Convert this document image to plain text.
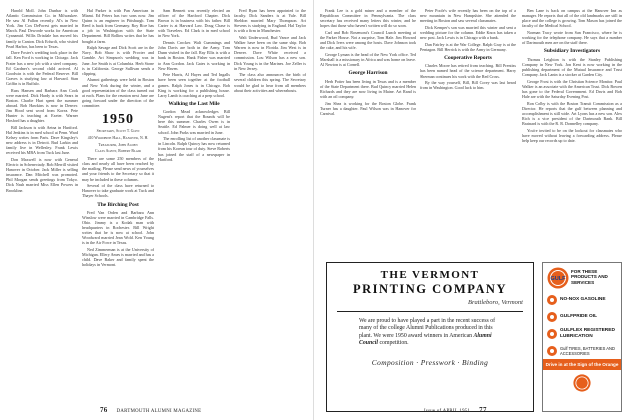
Harold Moll. John Dunbar is with Atlantic Commission Co. in Milwaukee. He saw Al Fallon recently. Al's in New York. Jim Cox DeForest gets married in March. Paul Deworde works for American Cyanamid. Willis Drisdale has moved his family to Canton. Dick Erfurdt, who visited Pearl Harbor, has been to Texas.

Dave Foster's wedding took place in the fall. Ken Ford is working in Chicago. Jack Frater has a new job with a steel company. Ed Gardner's second child arrived. Al Goodwin is with the Federal Reserve. Bill Graves is studying law at Harvard. Stan Griffin is in Buffalo.

Russ Hansen and Barbara Ann Cook were married. Dick Hardy is with Sears in Boston. Charlie Hart spent the summer abroad. Bob Hawkins is now in Denver. Jim Hood sent word from Korea. Pete Hunter is teaching at Exeter. Warner Hosford has a daughter.

Bill Jackson is with Aetna in Hartford. Hal Jenkins is in med school at Penn. Ward Kelsey writes from Paris. Dave Kingsley's new address is in Detroit. Bud Larkin and family live in Wellesley. Frank Lewis received his MBA from Tuck last June.

Don Maxwell is now with General Electric in Schenectady. Bob Merrill visited Hanover in October. Jack Miller is selling insurance. Dan Mitchell was promoted. Phil Morgan sends greetings from Tokyo. Dick Nash married Miss Ellen Powers in Brookline.

Hal Parker is with Pan American in Miami. Ed Peters has two sons now. Jim Quinn is an engineer in Pittsburgh. Tom Reed is back from Germany. Roy Rice has a job in Washington with the State Department. Bill Rollins writes that he has bought a farm.

Ralph Savage and Dick Scott are in the Navy. Bob Shaw is with Procter and Gamble. Art Simpson's wedding was in June. Joe Smith is at Columbia. Herb Stone is in California. George Sullivan sends a clipping.

Alumni gatherings were held in Boston and New York during the winter, and a good representation of the class turned out at each. Plans for the reunion next June are going forward under the direction of the committee.

1950
Secretary, Scott T. Glen
410 Woodbine Hall, Hanover, N. H.
Treasurer, John Alden
Class Agent, Robert Blair

There are some 250 members of the class and nearly all have been reached by the mailing. Please send news of yourselves and your friends to the Secretary so that it may be included in these columns.

Several of the class have returned to Hanover to take graduate work at Tuck and Thayer Schools.

The Birching Post

Fred Van Orden and Barbara Ann Winslow were married in Cambridge Falls. Ohio. Jimmy is a Kodak man with headquarters in Rochester. Bill Wright writes that he is now at school. John Woodward married Jean Wold. Ken Young is in the Air Force in Texas.

Ned Zimmerman is at the University of Michigan. Ellery Ames is married and has a child. Dave Baker and family spent the holidays in Vermont.

Sam Bennett was recently elected an officer of the Hartford Chapter. Dick Brown is in business with his father. Bill Carter is at Harvard Law. Doug Chase is with Travelers. Ed Clark is in med school in New York.

Dennis Crocker. Walt Cummings and John Davis are both in the Army. Tom Dunn visited in the fall. Ray Ellis is with a bank in Boston. Hank Fisher was married to Ann Gordon. Jack Gates is working in New Haven.

Pete Harris, Al Hayes and Ted Ingalls have been seen together at the football games. Ralph Jones is in Chicago. Bob King is working for a publishing house. Larry Lamb is coaching at a prep school.

Walking the Last Mile

Gordon Mead acknowledges Bill Nugent's report that the Rounds will be here this summer. Charles Owen is in Seattle. Ed Palmer is doing well at law school. John Parks was married in June.

The enrolling list of another classmate is in Lincoln. Ralph Quincy has now returned from his Korean tour of duty. Steve Roberts has joined the staff of a newspaper in Hartford.

Fred Ryan has been appointed to the faculty. Dick Sanders is at Yale. Bill Sheldon married Mary Thompson. Art Stevens is studying in England. Hal Taylor is with a firm in Manchester.

Walt Underwood, Bud Vance and Jack Walker have been on the same ship. Bob Warren is now in Florida. Jim West is in Denver. Dave White received a commission. Lou Wilson has a new son. Dick Young is in the Marines. Joe Zeller is in New Jersey.

The class also announces the birth of several children this spring. The Secretary would be glad to hear from all members about their activities and whereabouts.

76 DARTMOUTH ALUMNI MAGAZINE

Frank Lee is a gold miner and a member of the Republican Committee in Pennsylvania. The class secretary has received many letters this winter, and he hopes that those who haven't written will do so soon.

Carl and Bob Rosemont's Council Lunch meeting at the Parker House. Not a surprise, Tom Hale. Jim Howard and Dick Ivers were among the hosts. Dave Johnson took the cake, and his wife.

George Lyman is the head of the New York office. Ted Marshall is a missionary in Africa and was home on leave. Al Newton is at Cornell.

George Harrison

Herb Potter has been living in Texas and is a member of the State Department there. Bud Quincy married Helen Richards and they are now living in Maine. Art Rand is with an oil company.

Jim Shea is working for the Boston Globe. Frank Turner has a daughter. Paul Wilson was in Hanover for Carnival.

Peter Poole's wife recently has been on the top of a new mountain in New Hampshire. She attended the meeting in Boston and saw several classmates.

Dick Kemper's son was married this winter and sent a wedding picture for the column. Eddie Knox has taken a new post. Jack Lewis is in Chicago with a bank.

Dan Fairley is at the War College. Ralph Gray is at the Pentagon. Bill Herrick is with the Army in Germany.

Cooperative Reports

Charles Moore has retired from teaching. Bill Prentiss has been named head of the science department. Harry Sherman continues his work with the Red Cross.

By the way yourself, Bill, Bill Corey was last heard from in Washington. Good luck to him.

Ben Lane is back on campus at the Hanover Inn as manager. He reports that all of the old landmarks are still in place and the college is growing. Tom Mason has joined the faculty of the Medical School.

Norman Tracy wrote from San Francisco, where he is working for the telephone company. He says that a number of Dartmouth men are on the staff there.

Subsidiary Investigators

Thomas Leighton is with the Stanley Publishing Company in New York. Jon Kent is now working in the publishing department of the Mutual Insurance and Trust Company. Jack Lanin is a stocker at Garden City.

George Frost is with the Christian Science Monitor. Paul Walker is an associate with the American Trust. Dick Bowen has gone to the Federal Government. Ed Davis and Bob Hale are with the Saturday Evening Post.

Ron Colby is with the Boston Transit Commission as a Director. He reports that the gulf between planning and accomplishment is still wide. Art Lyons has a new son. Alex Rich is a vice president of the Dartmouth Bank. Bill Brainard is with the R. R. Donnelley company.

You're invited to be on the lookout for classmates who have moved without leaving a forwarding address. Please help keep our records up to date.

THE VERMONT
PRINTING COMPANY
Brattleboro, Vermont
We are proud to have played a part in the recent success of many of the college Alumni Publications produced in this plant. We were 1950 award winners in American Alumni Council competition.
Composition · Presswork · Binding
GULF
FOR THESE PRODUCTS AND SERVICES
NO-NOX GASOLINE
GULFPRIDE OIL
GULFLEX REGISTERED LUBRICATION
Gulf TIRES, BATTERIES AND ACCESSORIES
Drive in at the Sign of the Orange
Issue of APRIL 1951 77
